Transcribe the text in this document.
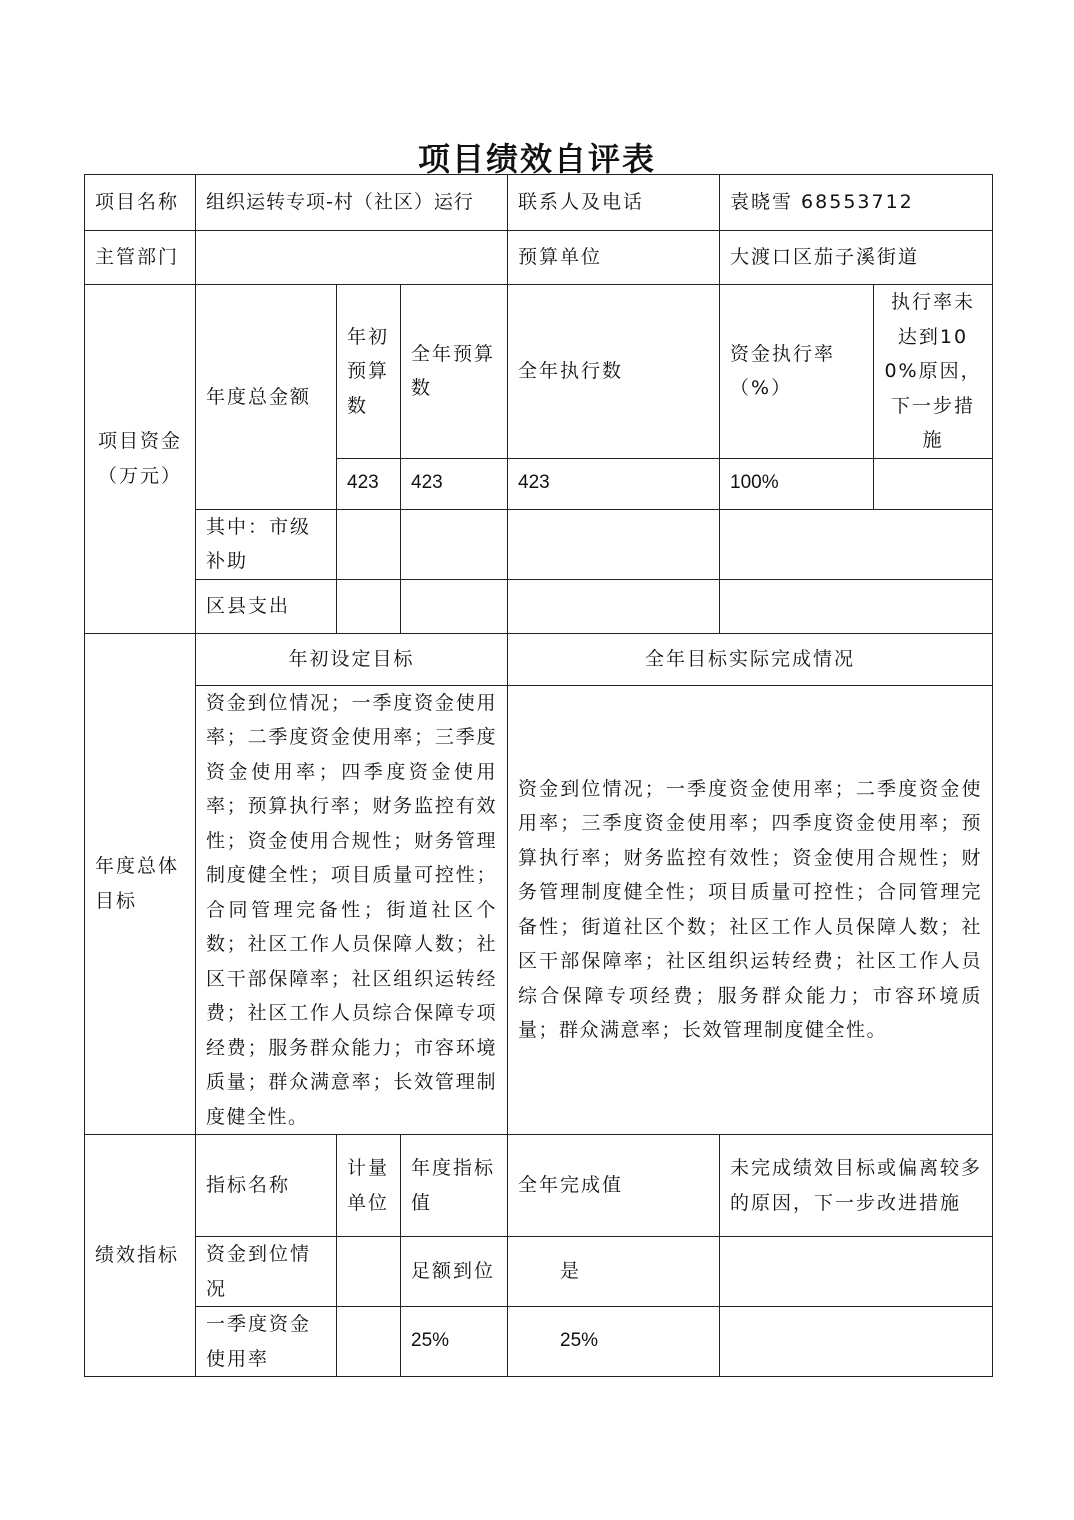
项目绩效自评表
项目名称	组织运转专项-村（社区）运行			联系人及电话	袁晓雪 68553712	
主管部门				预算单位	大渡口区茄子溪街道	
项目资金（万元）	年度总金额	年初预算数	全年预算数	全年执行数	资金执行率（%）	执行率未达到100%原因，下一步措施
		423	423	423	100%	
	其中：市级补助					
	区县支出					
年度总体目标	年初设定目标			全年目标实际完成情况		
	资金到位情况；一季度资金使用率；二季度资金使用率；三季度资金使用率；四季度资金使用率；预算执行率；财务监控有效性；资金使用合规性；财务管理制度健全性；项目质量可控性；合同管理完备性；街道社区个数；社区工作人员保障人数；社区干部保障率；社区组织运转经费；社区工作人员综合保障专项经费；服务群众能力；市容环境质量；群众满意率；长效管理制度健全性。			资金到位情况；一季度资金使用率；二季度资金使用率；三季度资金使用率；四季度资金使用率；预算执行率；财务监控有效性；资金使用合规性；财务管理制度健全性；项目质量可控性；合同管理完备性；街道社区个数；社区工作人员保障人数；社区干部保障率；社区组织运转经费；社区工作人员综合保障专项经费；服务群众能力；市容环境质量；群众满意率；长效管理制度健全性。		
绩效指标	指标名称	计量单位	年度指标值	全年完成值	未完成绩效目标或偏离较多的原因，下一步改进措施	
	资金到位情况		足额到位	是		
	一季度资金使用率		25%	25%		
